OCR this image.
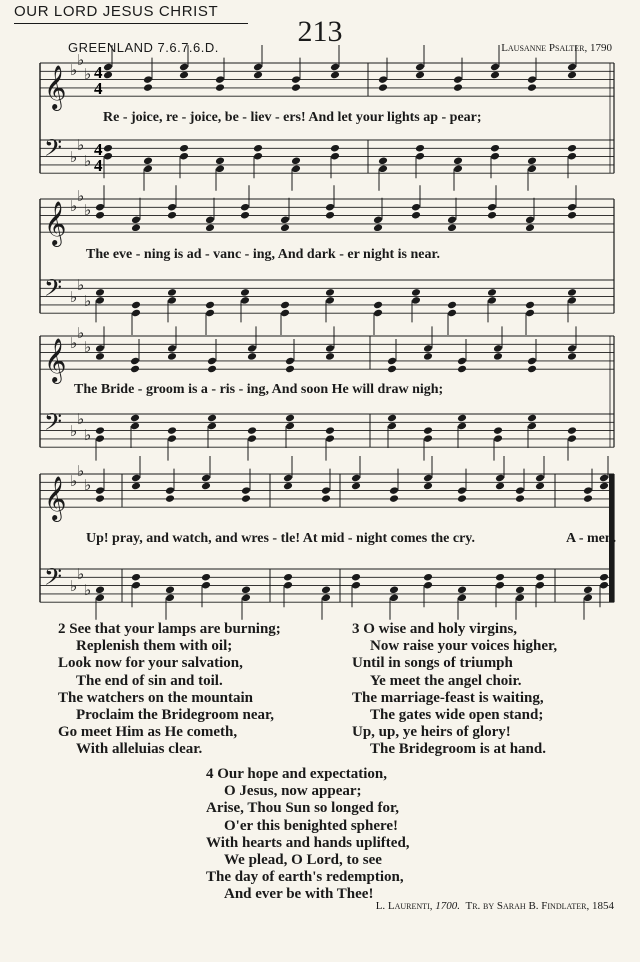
OUR LORD JESUS CHRIST
213
GREENLAND 7.6.7.6.D.	Lausanne Psalter, 1790
𝄞 ♭
♭
♭
𝄢 ♭
♭
♭
4
4
4
4
𝄞 ♭
♭
♭
𝄢 ♭
♭
♭
𝄞 ♭
♭
♭
𝄢 ♭
♭
♭
𝄞 ♭
♭
♭
𝄢 ♭
♭
♭
Re - joice, re - joice, be - liev - ers! And let your lights ap - pear;
The eve - ning is ad - vanc - ing, And dark - er night is near.
The Bride - groom is a - ris - ing, And soon He will draw nigh;
Up! pray, and watch, and wres - tle! At mid - night comes the cry.	A - men.
2 See that your lamps are burning;
Replenish them with oil;
Look now for your salvation,
The end of sin and toil.
The watchers on the mountain
Proclaim the Bridegroom near,
Go meet Him as He cometh,
With alleluias clear.
3 O wise and holy virgins,
Now raise your voices higher,
Until in songs of triumph
Ye meet the angel choir.
The marriage-feast is waiting,
The gates wide open stand;
Up, up, ye heirs of glory!
The Bridegroom is at hand.
4 Our hope and expectation,
O Jesus, now appear;
Arise, Thou Sun so longed for,
O'er this benighted sphere!
With hearts and hands uplifted,
We plead, O Lord, to see
The day of earth's redemption,
And ever be with Thee!
L. Laurenti, 1700. Tr. by Sarah B. Findlater, 1854
